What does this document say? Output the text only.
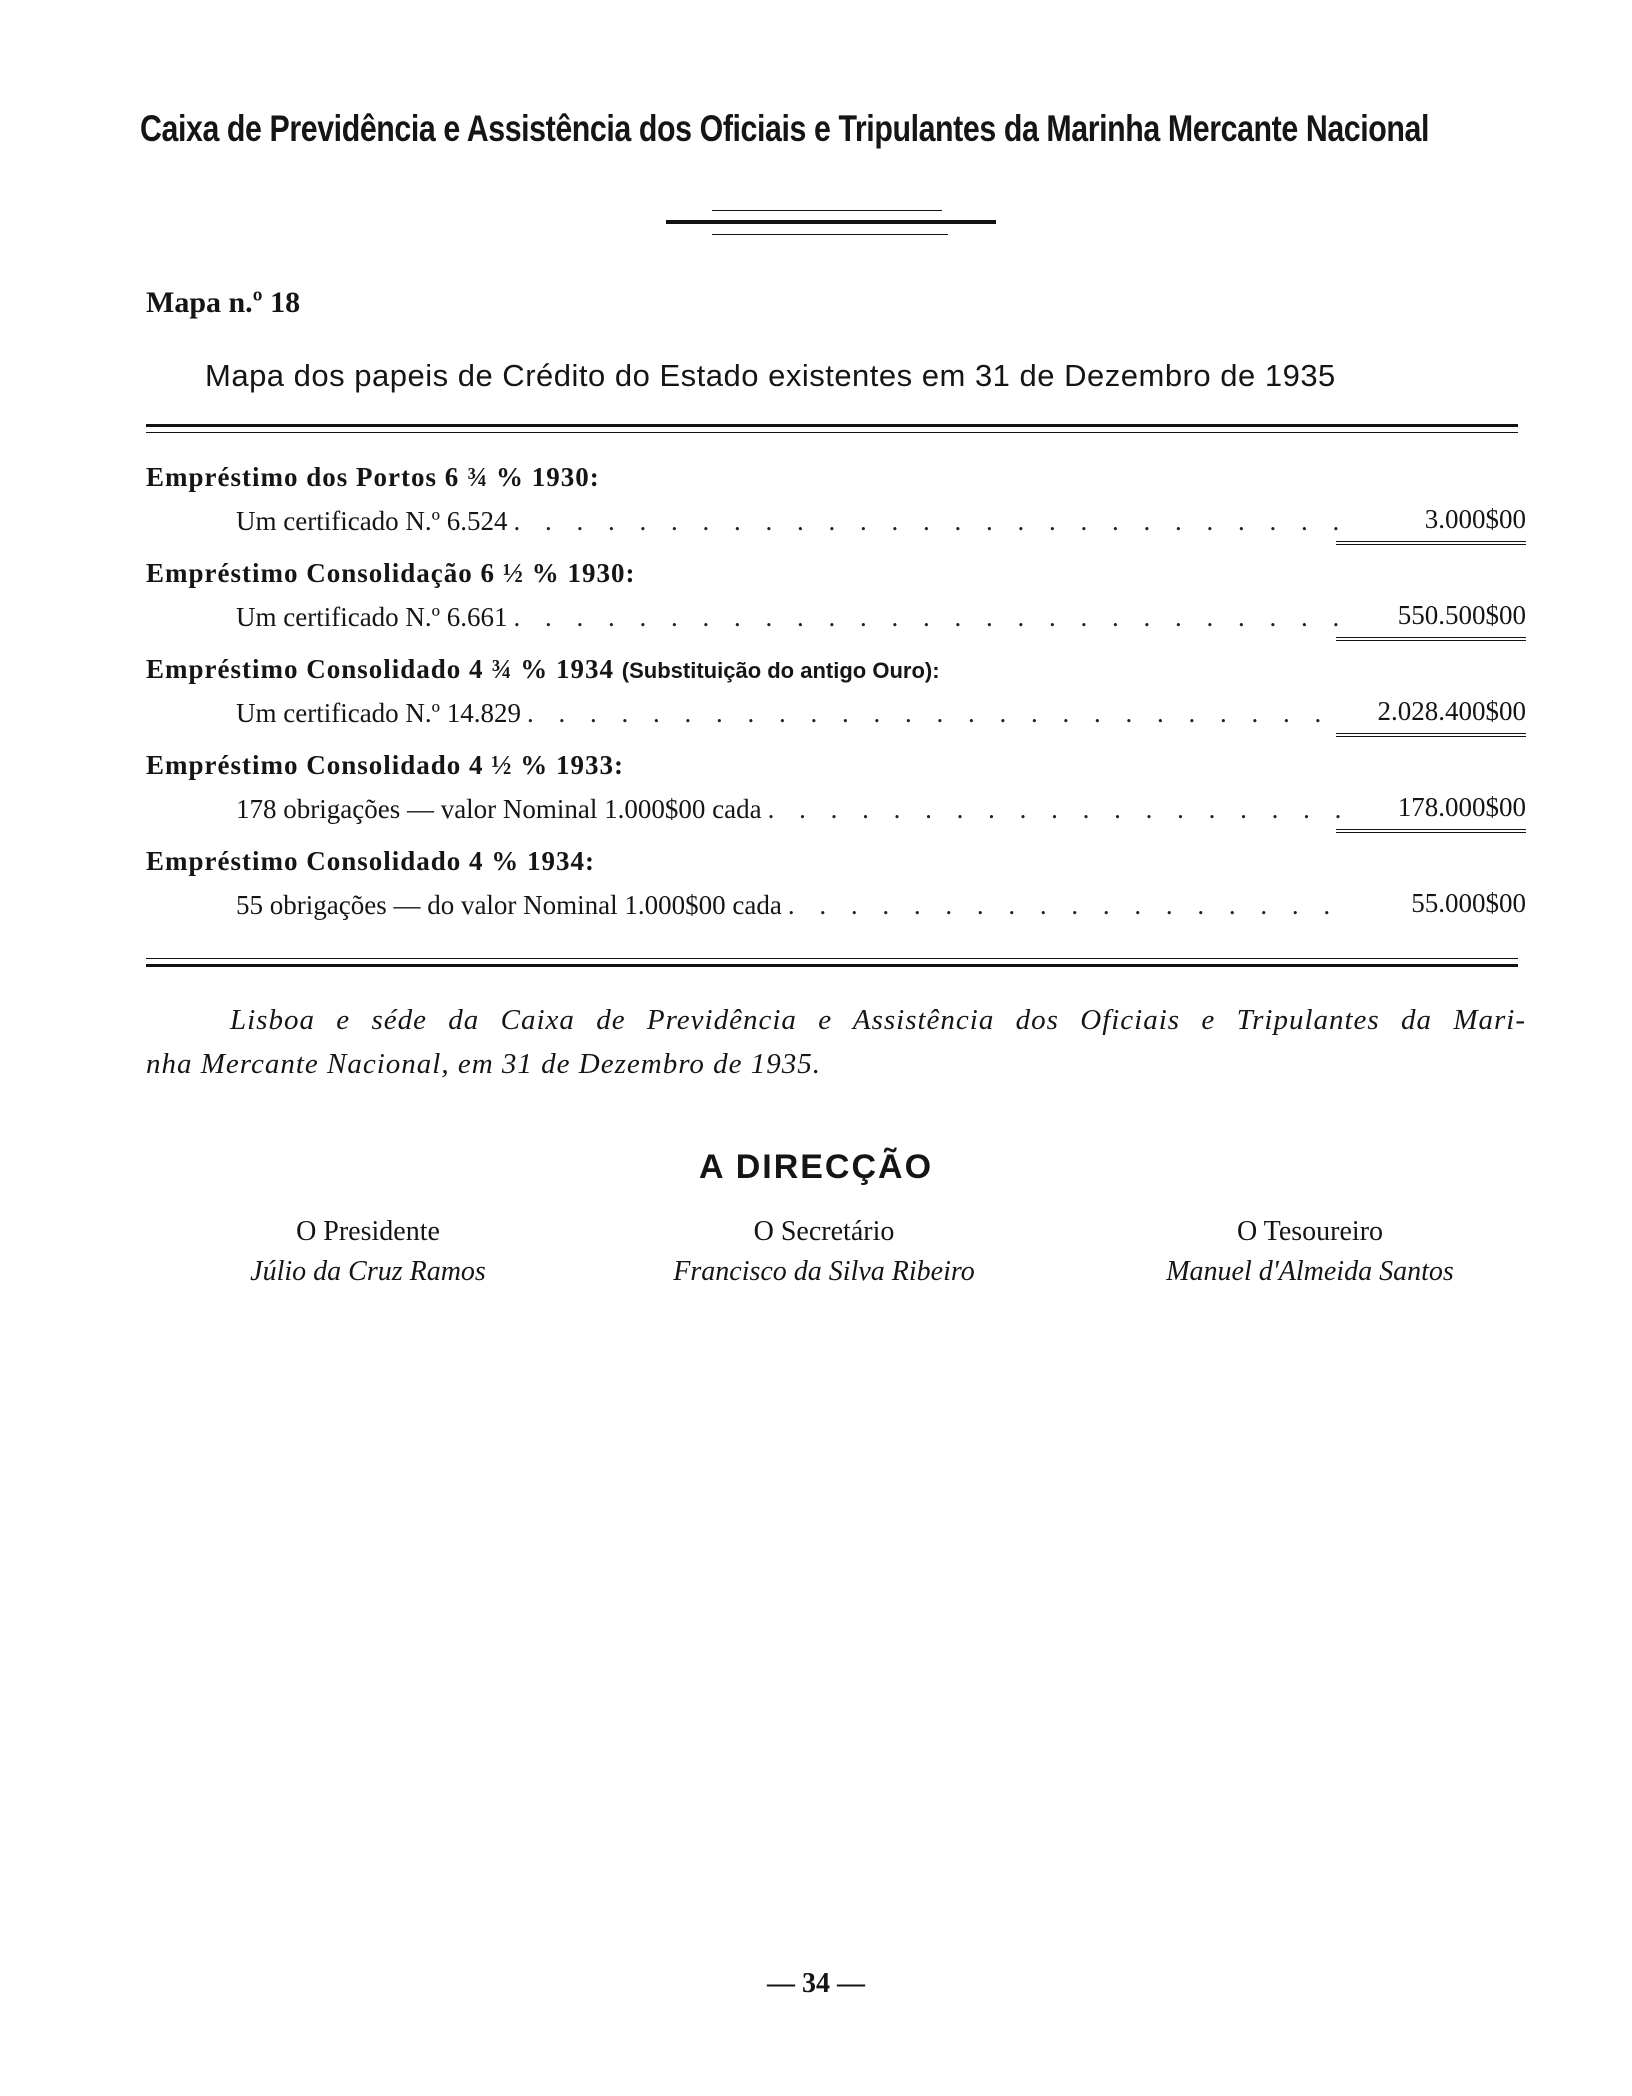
Caixa de Previdência e Assistência dos Oficiais e Tripulantes da Marinha Mercante Nacional
Mapa n.º 18
Mapa dos papeis de Crédito do Estado existentes em 31 de Dezembro de 1935
Empréstimo dos Portos 6 ¾ % 1930:
Um certificado N.º 6.524 . . .	3.000$00
Empréstimo Consolidação 6 ½ % 1930:
Um certificado N.º 6.661 . . .	550.500$00
Empréstimo Consolidado 4 ¾ % 1934 (Substituição do antigo Ouro):
Um certificado N.º 14.829 . . .	2.028.400$00
Empréstimo Consolidado 4 ½ % 1933:
178 obrigações — valor Nominal 1.000$00 cada . . .	178.000$00
Empréstimo Consolidado 4 % 1934:
55 obrigações — do valor Nominal 1.000$00 cada . . .	55.000$00
Lisboa e séde da Caixa de Previdência e Assistência dos Oficiais e Tripulantes da Mari-
nha Mercante Nacional, em 31 de Dezembro de 1935.
A DIRECÇÃO
O Presidente
Júlio da Cruz Ramos
O Secretário
Francisco da Silva Ribeiro
O Tesoureiro
Manuel d'Almeida Santos
— 34 —
